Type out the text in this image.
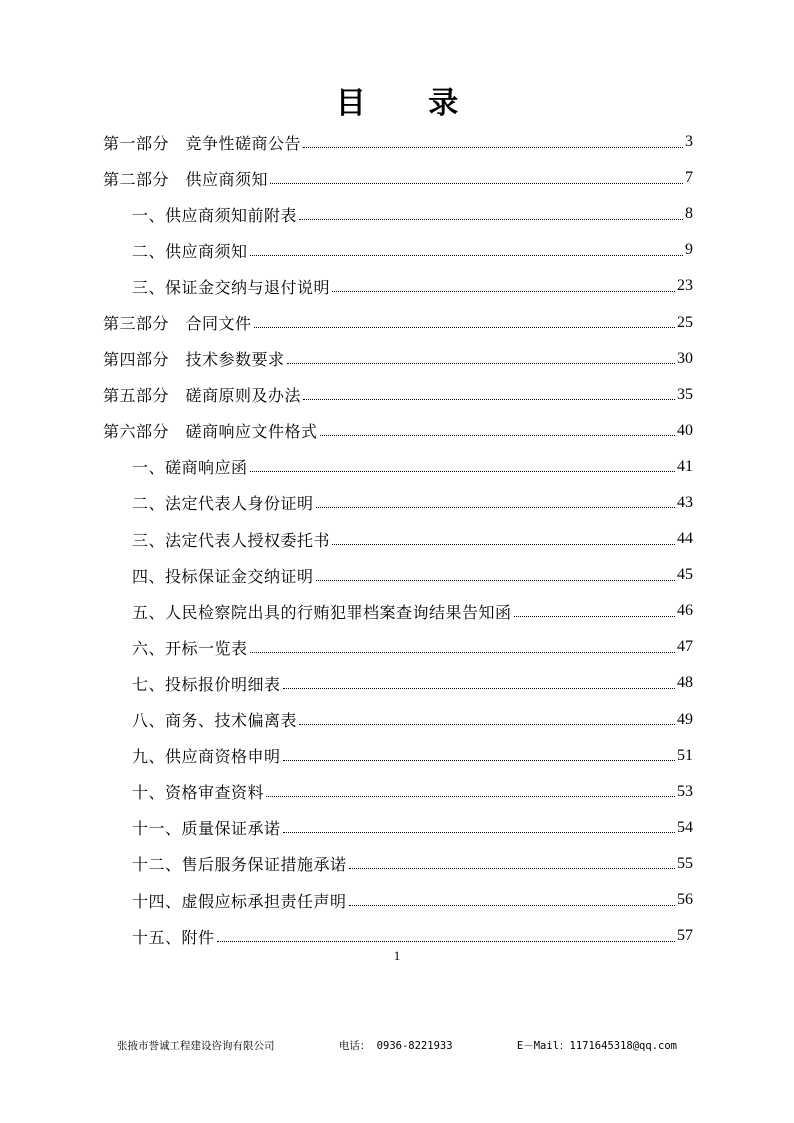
目 录
第一部分　竞争性磋商公告	3
第二部分　供应商须知	7
一、供应商须知前附表	8
二、供应商须知	9
三、保证金交纳与退付说明	23
第三部分　合同文件	25
第四部分　技术参数要求	30
第五部分　磋商原则及办法	35
第六部分　磋商响应文件格式	40
一、磋商响应函	41
二、法定代表人身份证明	43
三、法定代表人授权委托书	44
四、投标保证金交纳证明	45
五、人民检察院出具的行贿犯罪档案查询结果告知函	46
六、开标一览表	47
七、投标报价明细表	48
八、商务、技术偏离表	49
九、供应商资格申明	51
十、资格审查资料	53
十一、质量保证承诺	54
十二、售后服务保证措施承诺	55
十四、虚假应标承担责任声明	56
十五、附件	57
1
张掖市誉诚工程建设咨询有限公司	电话： 0936-8221933	E－Mail：1171645318@qq.com
